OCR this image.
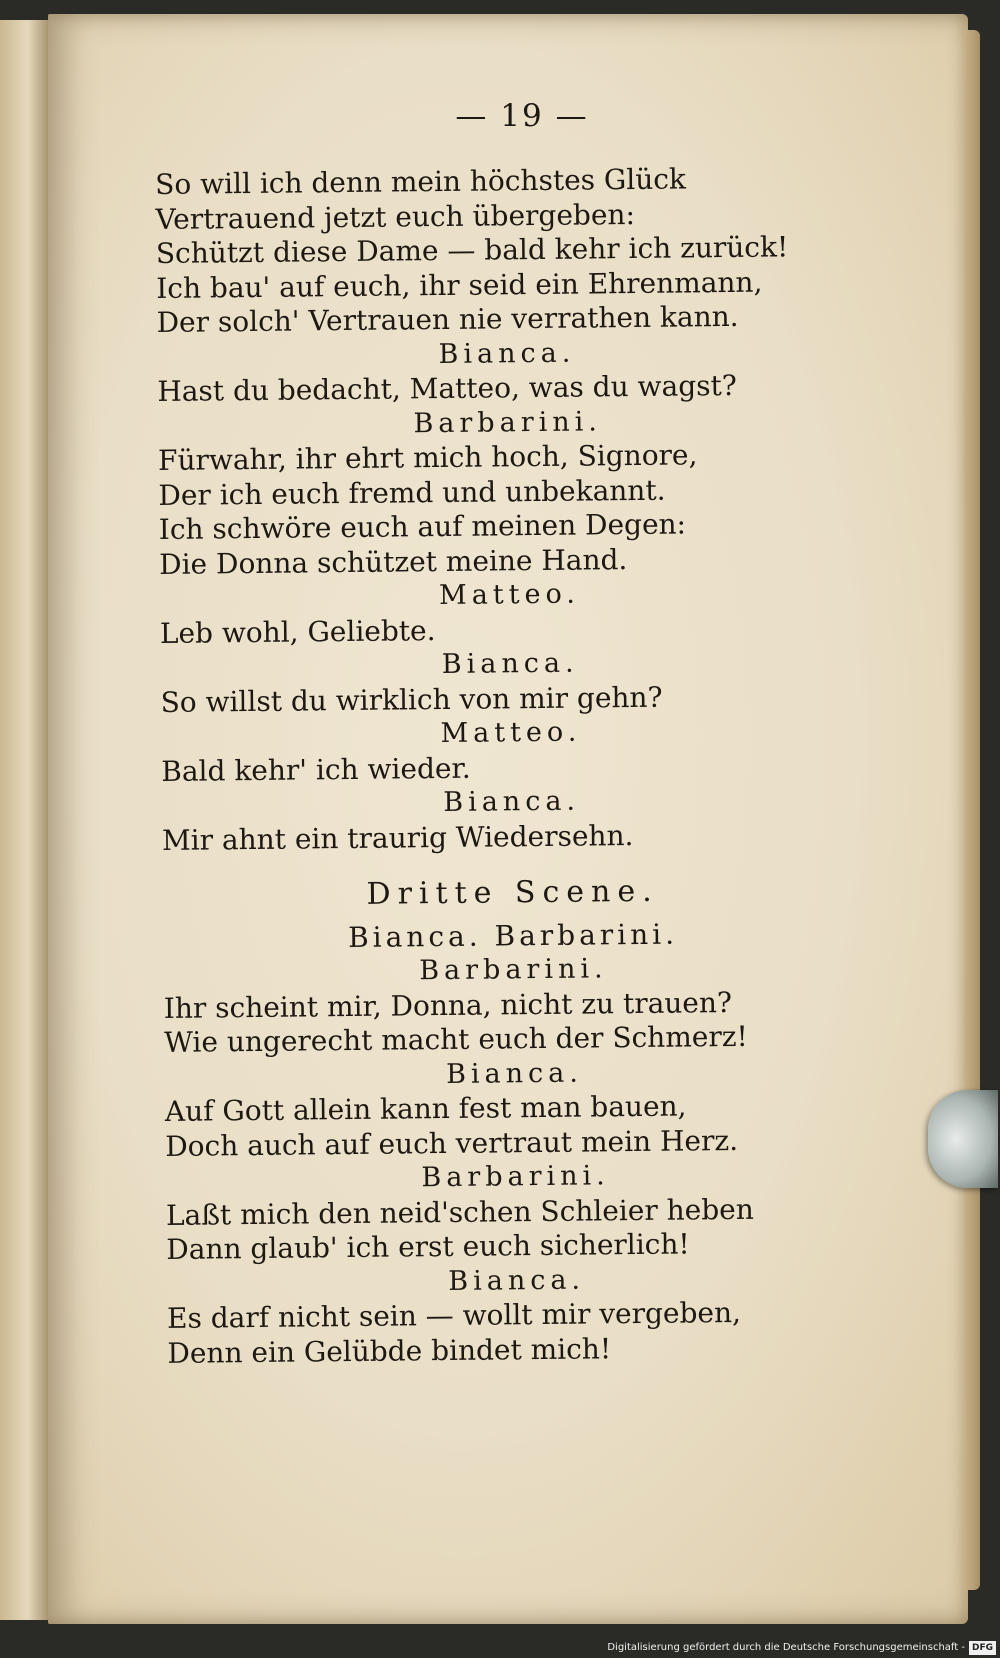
— 19 —
So will ich denn mein höchstes Glück
Vertrauend jetzt euch übergeben:
Schützt diese Dame — bald kehr ich zurück!
Ich bau' auf euch, ihr seid ein Ehrenmann,
Der solch' Vertrauen nie verrathen kann.
Bianca.
Hast du bedacht, Matteo, was du wagst?
Barbarini.
Fürwahr, ihr ehrt mich hoch, Signore,
Der ich euch fremd und unbekannt.
Ich schwöre euch auf meinen Degen:
Die Donna schützet meine Hand.
Matteo.
Leb wohl, Geliebte.
Bianca.
So willst du wirklich von mir gehn?
Matteo.
Bald kehr' ich wieder.
Bianca.
Mir ahnt ein traurig Wiedersehn.
Dritte Scene.
Bianca. Barbarini.
Barbarini.
Ihr scheint mir, Donna, nicht zu trauen?
Wie ungerecht macht euch der Schmerz!
Bianca.
Auf Gott allein kann fest man bauen,
Doch auch auf euch vertraut mein Herz.
Barbarini.
Laßt mich den neid'schen Schleier heben
Dann glaub' ich erst euch sicherlich!
Bianca.
Es darf nicht sein — wollt mir vergeben,
Denn ein Gelübde bindet mich!
Digitalisierung gefördert durch die Deutsche Forschungsgemeinschaft - DFG
